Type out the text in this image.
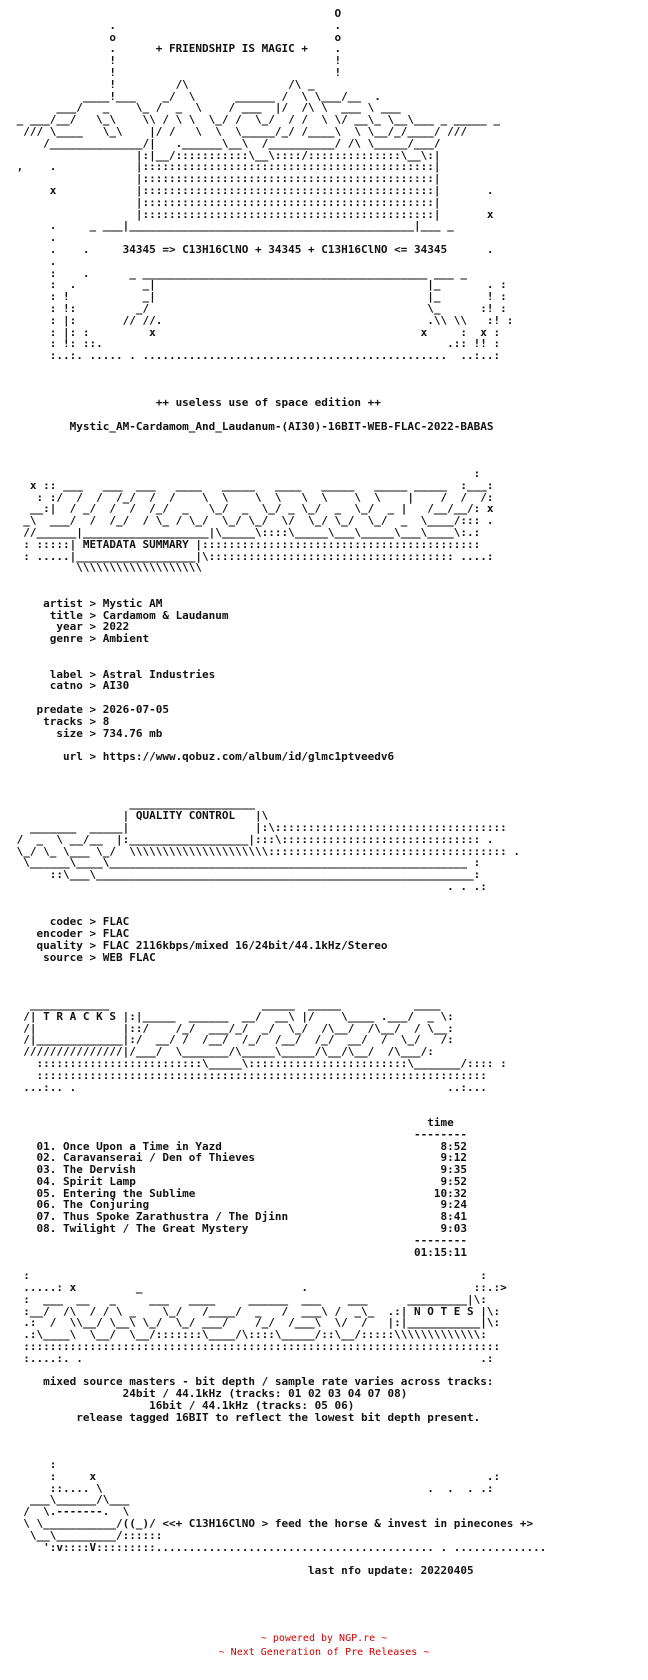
O
.                                 .
o                                 o
.      + FRIENDSHIP IS MAGIC +    .
!                                 !
!                                 !
!         /\               /\ _
____!___    _/  \      ______ /  \ \___/__  .
___/   _    \_ /  _  \    / ___  |/  /\ \  ___ \ ___
_ ___/__/   \_\    \\ / \ \  \_/ /  \_/  / /  \ \/ __\_ \__\___ _ _____ _
/// \____   \_\    |/ /   \  \  \_____/_/ /____\  \ \__/_/____/ ///
/______________/|   .______\__\  /__________/ /\ \_____/___/
|:|__/:::::::::::\__\::::/::::::::::::::\__\:|
,    .            |::::::::::::::::::::::::::::::::::::::::::::|
|::::::::::::::::::::::::::::::::::::::::::::|
x            |::::::::::::::::::::::::::::::::::::::::::::|       .
|::::::::::::::::::::::::::::::::::::::::::::|
|::::::::::::::::::::::::::::::::::::::::::::|       x
.     _ ___|___________________________________________|___ _
.
.    .     34345 => C13H16ClNO + 34345 + C13H16ClNO <= 34345      .
.
:    .      _ ___________________________________________ ___ _
:  .          _|                                         |_       . :
: !           _|                                         |_       ! :
: !:         _/                                          \_      :! :
: |:       // //.                                        .\\ \\   :! :
: |: :         x                                        x     :  x :
: !: ::.                                                    .:: !! :
:..:. ..... . ..............................................  ..:..:

++ useless use of space edition ++

Mystic_AM-Cardamom_And_Laudanum-(AI30)-16BIT-WEB-FLAC-2022-BABAS

:
x :: ___   ___  ___   ____   _____   ____   _____   _____ _____  :___:
: :/  /  /  /_/  /  /    \  \    \  \   \  \    \  \    |    /  /  /:
__:|  / _/  /  /  /_/  _   \_/  _  \_/ _ \_/  _  \_/  _ |   /__/__/: x
_\  ___/  /  /_/  / \_ / \_/  \_/ \_/  \/  \_/ \_/  \_/  _  \____/::: .
//______|___________________|\_____\::::\_____\___\_____\___\____\:.:
: :::::| METADATA SUMMARY |::::::::::::::::::::::::::::::::::::::::::
: .....|__________________|\::::::::::::::::::::::::::::::::::::: ....:
\\\\\\\\\\\\\\\\\\\

artist > Mystic AM
title > Cardamom & Laudanum
year > 2022
genre > Ambient

label > Astral Industries
catno > AI30

predate > 2026-07-05
tracks > 8
size > 734.76 mb

url > https://www.qobuz.com/album/id/glmc1ptveedv6

___________________
| QUALITY CONTROL   |\
_______  _____|                   |:\:::::::::::::::::::::::::::::::::::
/  _  \ __/__  |:__________________|:::\:::::::::::::::::::::::::::::: .
\_/ \_ \___ \_/  \\\\\\\\\\\\\\\\\\\\\:::::::::::::::::::::::::::::::::::: .
\______\____\______________________________________________________ :
::\___\_________________________________________________________:
. . .:

codec > FLAC
encoder > FLAC
quality > FLAC 2116kbps/mixed 16/24bit/44.1kHz/Stereo
source > WEB FLAC

____________                       _____  _____           ____
/| T R A C K S |:|_____  ______  __/  __\ |/    \____ .___/  _ \:
/|             |::/    /_/  ___/_/  _/  \_/  /\__/  /\__/  / \__:
/|_____________|:/  __/ /  /__/  /_/  /__/  /_/  __/  /  \_/   /:
///////////////|/___/  \_______/\_____\_____/\__/\__/  /\___/:
:::::::::::::::::::::::::\_____\::::::::::::::::::::::::\_______/:::: :
::::::::::::::::::::::::::::::::::::::::::::::::::::::::::::::::::::
...:.. .                                                        ..:...

time
--------
01. Once Upon a Time in Yazd                                 8:52
02. Caravanserai / Den of Thieves                            9:12
03. The Dervish                                              9:35
04. Spirit Lamp                                              9:52
05. Entering the Sublime                                    10:32
06. The Conjuring                                            9:24
07. Thus Spoke Zarathustra / The Djinn                       8:41
08. Twilight / The Great Mystery                             9:03
--------
01:15:11

:                                                                    :
.....: x         _                        .                         ::.:>
:  ___  __   _     ___   ____     ______  ___    ___      _________|\:
:__/  /\  / / \ _    \_/   /____/  _   /  ___\ /  _\_  .:| N O T E S |\:
.:  /  \\__/ \__\ \_/  \_/ ___/    /_/  /___\  \/  /   |:|___________|\:
.:\____\  \__/  \__/:::::::\____/\::::\_____/::\__/:::::\\\\\\\\\\\\\:
::::::::::::::::::::::::::::::::::::::::::::::::::::::::::::::::::::::::
:....:. .                                                            .:

mixed source masters - bit depth / sample rate varies across tracks:
24bit / 44.1kHz (tracks: 01 02 03 04 07 08)
16bit / 44.1kHz (tracks: 05 06)
release tagged 16BIT to reflect the lowest bit depth present.

:
:     x                                                           .:
::.... \                                                 .  .  . .:
___\______/\___
/  \.-------.  \
\ \___________/((_)/ <<+ C13H16ClNO > feed the horse & invest in pinecones +>
\__\_________/::::::
':v::::V:::::::::.......................................... . ..............

last nfo update: 20220405

~ powered by NGP.re ~
~ Next Generation of Pre Releases ~
